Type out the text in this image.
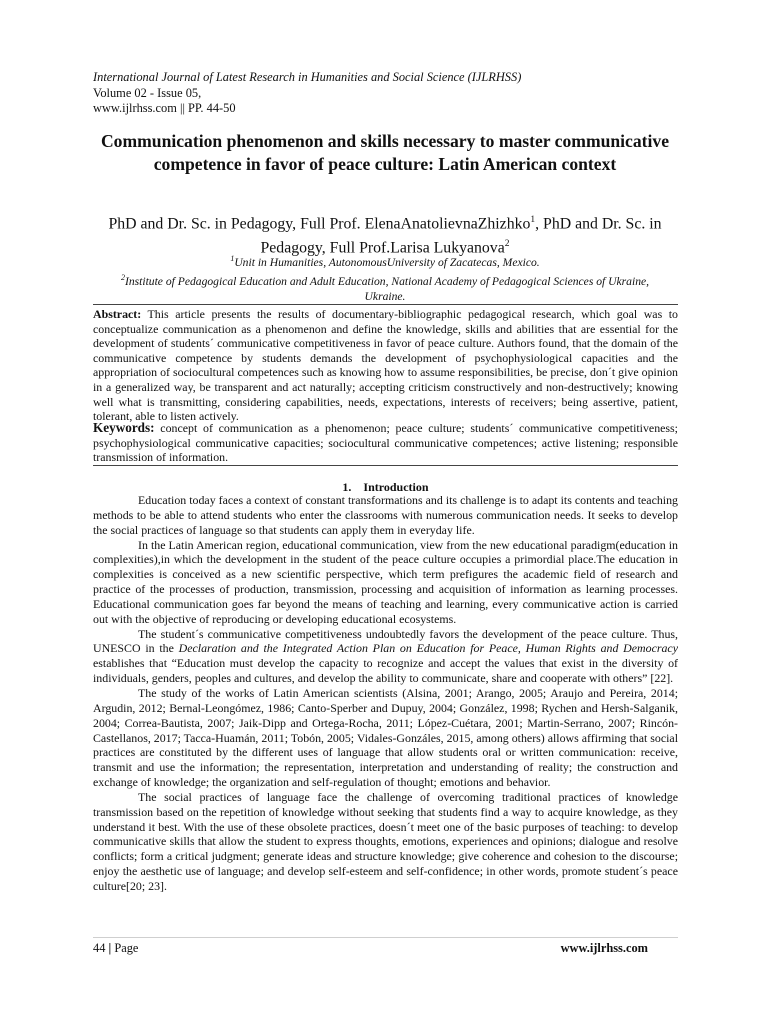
International Journal of Latest Research in Humanities and Social Science (IJLRHSS)
Volume 02 - Issue 05,
www.ijlrhss.com || PP. 44-50
Communication phenomenon and skills necessary to master communicative competence in favor of peace culture: Latin American context
PhD and Dr. Sc. in Pedagogy, Full Prof. ElenaAnatolievnaZhizhko$^1$, PhD and Dr. Sc. in Pedagogy, Full Prof.Larisa Lukyanova$^2$
$^1$Unit in Humanities, AutonomousUniversity of Zacatecas, Mexico.
$^2$Institute of Pedagogical Education and Adult Education, National Academy of Pedagogical Sciences of Ukraine, Ukraine.
Abstract: This article presents the results of documentary-bibliographic pedagogical research, which goal was to conceptualize communication as a phenomenon and define the knowledge, skills and abilities that are essential for the development of students´ communicative competitiveness in favor of peace culture. Authors found, that the domain of the communicative competence by students demands the development of psychophysiological capacities and the appropriation of sociocultural competences such as knowing how to assume responsibilities, be precise, don´t give opinion in a generalized way, be transparent and act naturally; accepting criticism constructively and non-destructively; knowing well what is transmitting, considering capabilities, needs, expectations, interests of receivers; being assertive, patient, tolerant, able to listen actively.
Keywords: concept of communication as a phenomenon; peace culture; students´ communicative competitiveness; psychophysiological communicative capacities; sociocultural communicative competences; active listening; responsible transmission of information.
1. Introduction

Education today faces a context of constant transformations and its challenge is to adapt its contents and teaching methods to be able to attend students who enter the classrooms with numerous communication needs. It seeks to develop the social practices of language so that students can apply them in everyday life.

In the Latin American region, educational communication, view from the new educational paradigm(education in complexities),in which the development in the student of the peace culture occupies a primordial place.The education in complexities is conceived as a new scientific perspective, which term prefigures the academic field of research and practice of the processes of production, transmission, processing and acquisition of information as learning processes. Educational communication goes far beyond the means of teaching and learning, every communicative action is carried out with the objective of reproducing or developing educational ecosystems.

The student´s communicative competitiveness undoubtedly favors the development of the peace culture. Thus, UNESCO in the Declaration and the Integrated Action Plan on Education for Peace, Human Rights and Democracy establishes that “Education must develop the capacity to recognize and accept the values that exist in the diversity of individuals, genders, peoples and cultures, and develop the ability to communicate, share and cooperate with others” [22].

The study of the works of Latin American scientists (Alsina, 2001; Arango, 2005; Araujo and Pereira, 2014; Argudin, 2012; Bernal-Leongómez, 1986; Canto-Sperber and Dupuy, 2004; González, 1998; Rychen and Hersh-Salganik, 2004; Correa-Bautista, 2007; Jaik-Dipp and Ortega-Rocha, 2011; López-Cuétara, 2001; Martin-Serrano, 2007; Rincón-Castellanos, 2017; Tacca-Huamán, 2011; Tobón, 2005; Vidales-Gonzáles, 2015, among others) allows affirming that social practices are constituted by the different uses of language that allow students oral or written communication: receive, transmit and use the information; the representation, interpretation and understanding of reality; the construction and exchange of knowledge; the organization and self-regulation of thought; emotions and behavior.

The social practices of language face the challenge of overcoming traditional practices of knowledge transmission based on the repetition of knowledge without seeking that students find a way to acquire knowledge, as they understand it best. With the use of these obsolete practices, doesn´t meet one of the basic purposes of teaching: to develop communicative skills that allow the student to express thoughts, emotions, experiences and opinions; dialogue and resolve conflicts; form a critical judgment; generate ideas and structure knowledge; give coherence and cohesion to the discourse; enjoy the aesthetic use of language; and develop self-esteem and self-confidence; in other words, promote student´s peace culture[20; 23].

44 | Page	www.ijlrhss.com
